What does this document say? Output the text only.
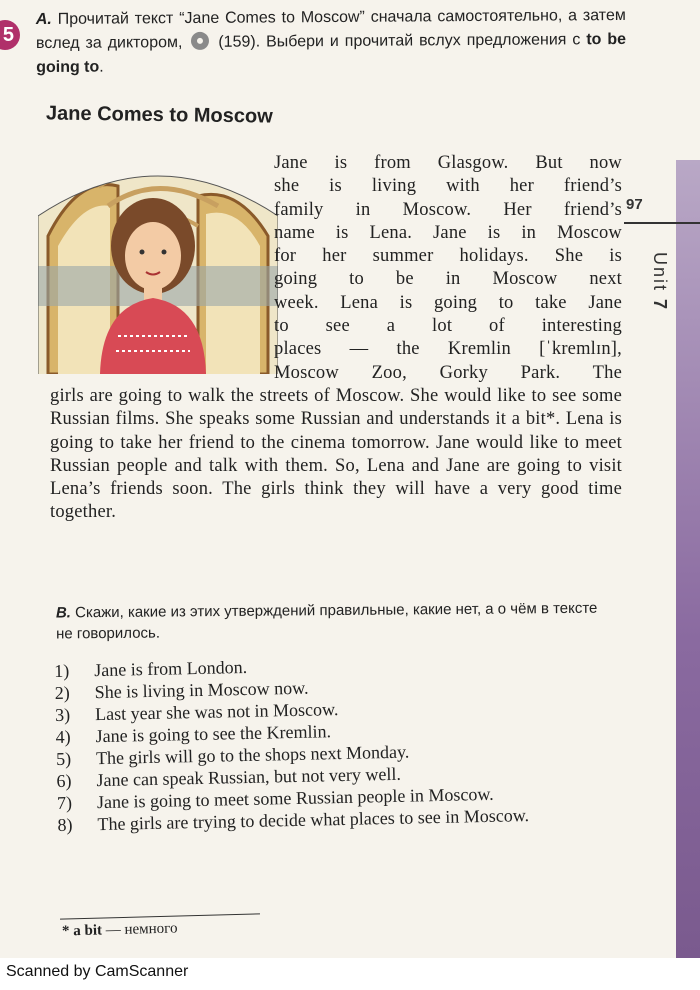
5
A. Прочитай текст “Jane Comes to Moscow” сначала самостоятельно, а затем вслед за диктором, (159). Выбери и прочитай вслух предложения с to be going to.
Jane Comes to Moscow

Jane is from Glasgow. But now

she is living with her friend’s

family in Moscow. Her friend’s

name is Lena. Jane is in Moscow

for her summer holidays. She is

going to be in Moscow next

week. Lena is going to take Jane

to see a lot of interesting

places — the Kremlin [ˈkremlɪn],

Moscow Zoo, Gorky Park. The

girls are going to walk the streets of Moscow. She would like to see some Russian films. She speaks some Russian and understands it a bit*. Lena is going to take her friend to the cinema tomorrow. Jane would like to meet Russian people and talk with them. So, Lena and Jane are going to visit Lena’s friends soon. The girls think they will have a very good time together.

97
Unit 7
B. Скажи, какие из этих утверждений правильные, какие нет, а о чём в тексте не говорилось.
1)	Jane is from London.
2)	She is living in Moscow now.
3)	Last year she was not in Moscow.
4)	Jane is going to see the Kremlin.
5)	The girls will go to the shops next Monday.
6)	Jane can speak Russian, but not very well.
7)	Jane is going to meet some Russian people in Moscow.
8)	The girls are trying to decide what places to see in Moscow.
* a bit — немного
Scanned by CamScanner
